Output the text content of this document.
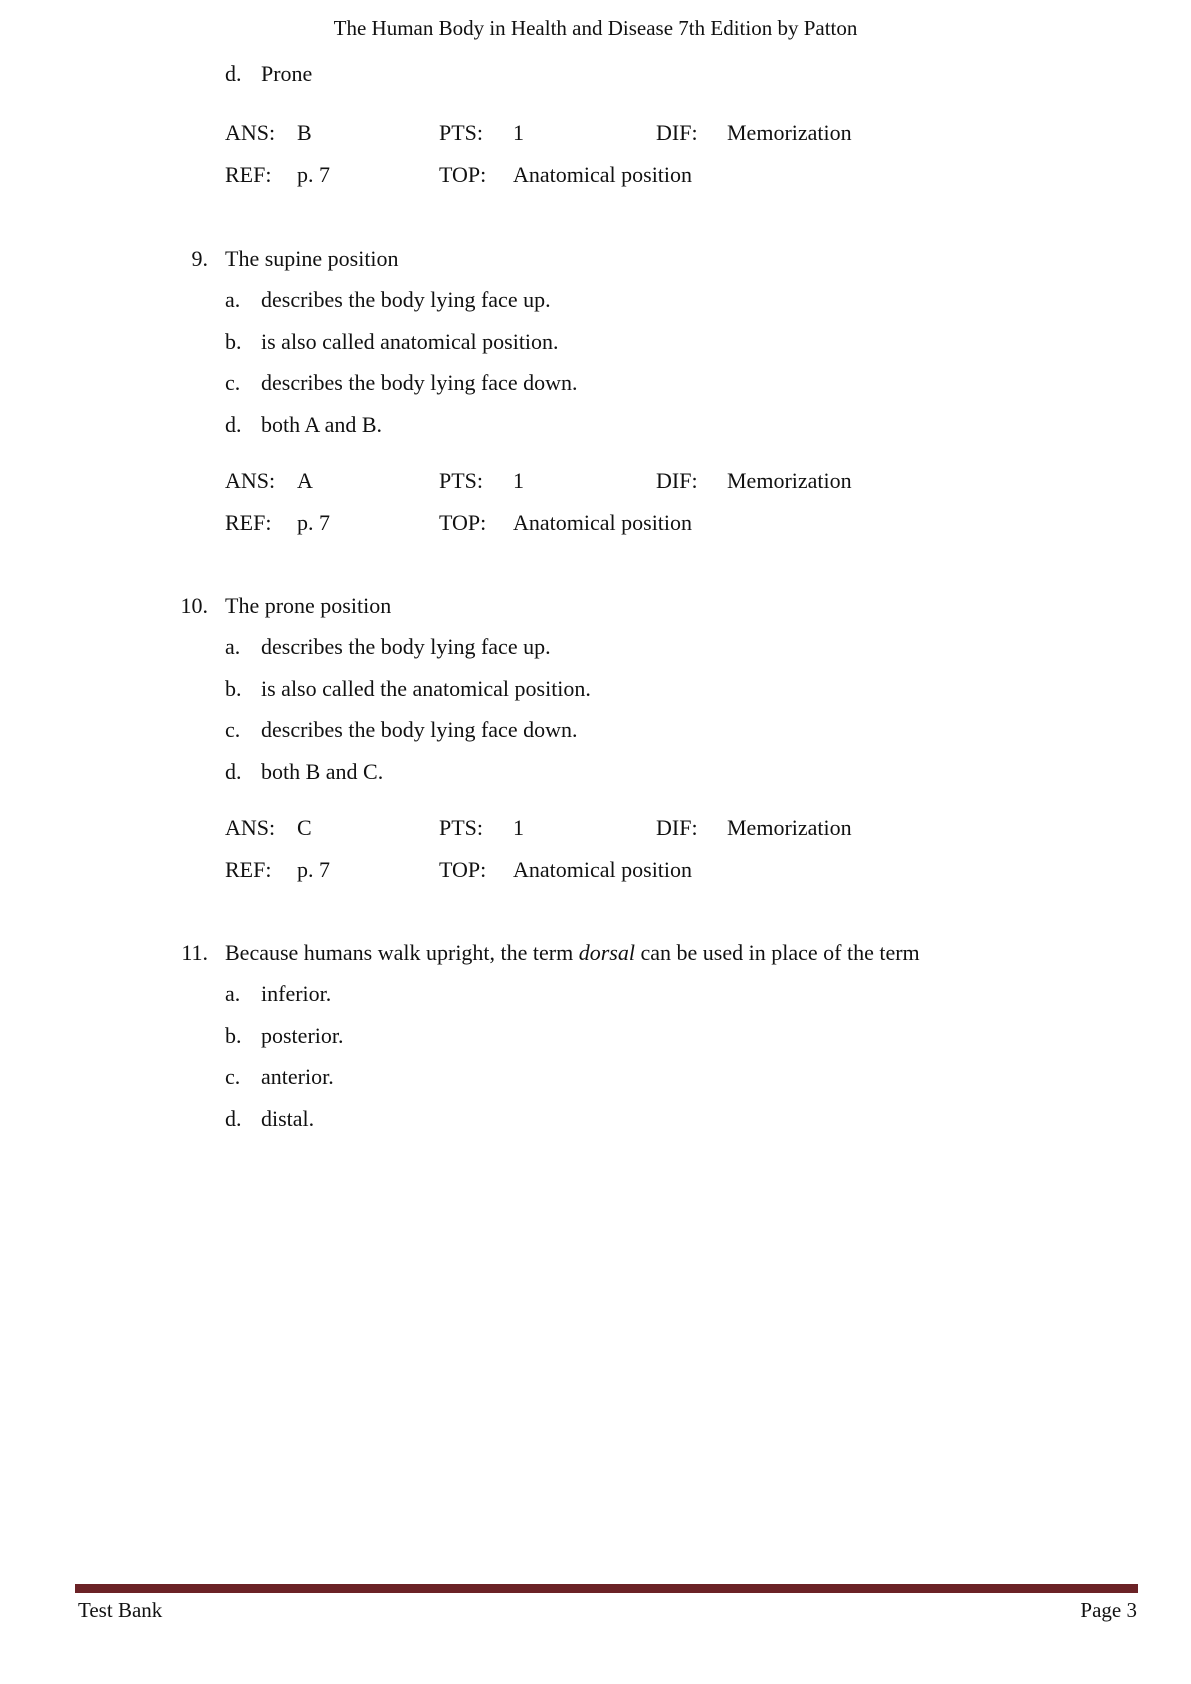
The Human Body in Health and Disease 7th Edition by Patton
d. Prone
ANS: B	PTS: 1	DIF: Memorization
REF: p. 7	TOP: Anatomical position
9. The supine position
a. describes the body lying face up.
b. is also called anatomical position.
c. describes the body lying face down.
d. both A and B.
ANS: A	PTS: 1	DIF: Memorization
REF: p. 7	TOP: Anatomical position
10. The prone position
a. describes the body lying face up.
b. is also called the anatomical position.
c. describes the body lying face down.
d. both B and C.
ANS: C	PTS: 1	DIF: Memorization
REF: p. 7	TOP: Anatomical position
11. Because humans walk upright, the term dorsal can be used in place of the term
a. inferior.
b. posterior.
c. anterior.
d. distal.
Test Bank	Page 3
